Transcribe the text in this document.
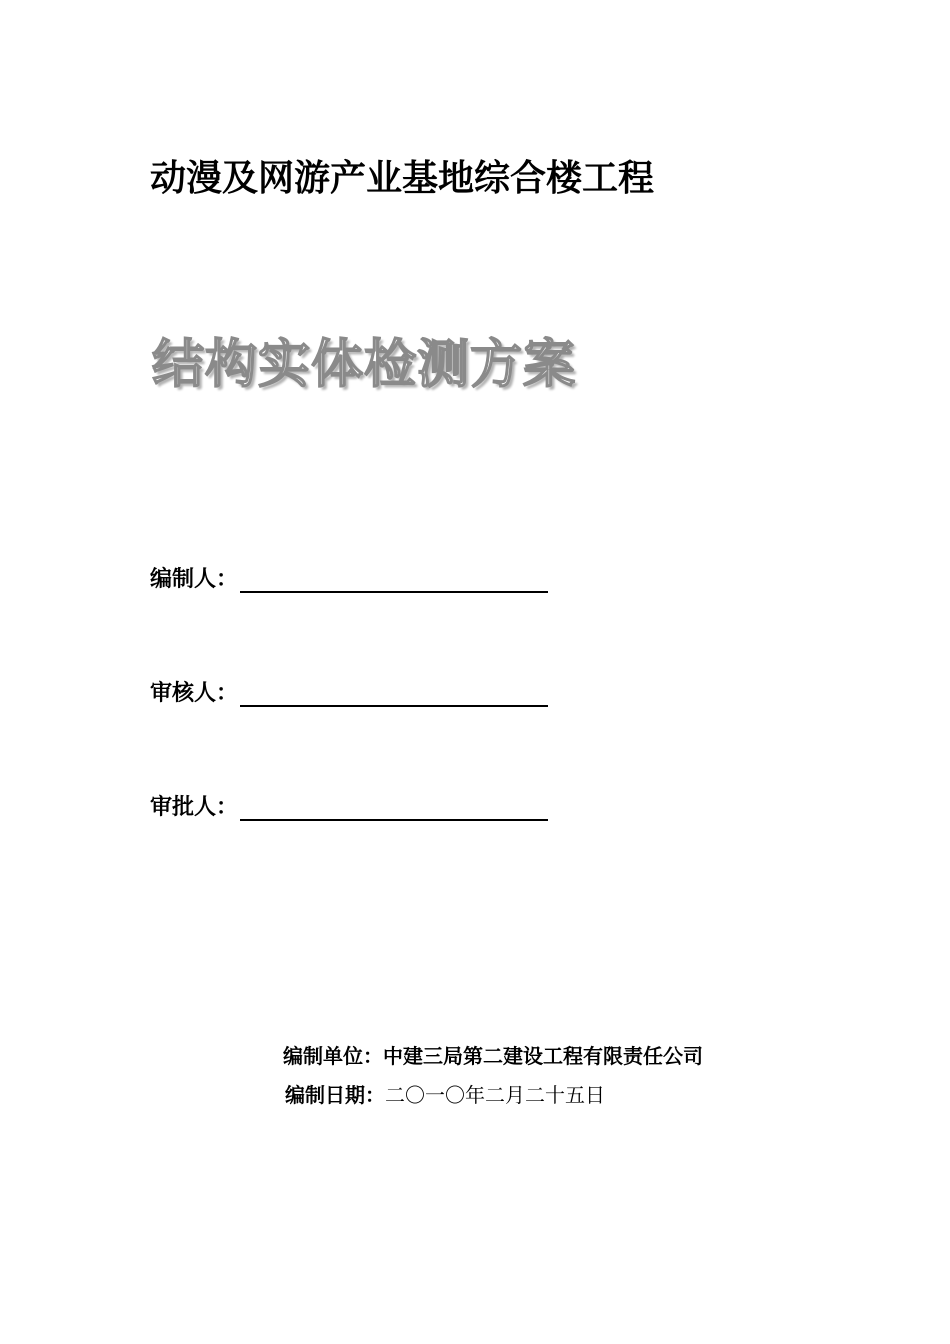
动漫及网游产业基地综合楼工程
结构实体检测方案
编制人：
审核人：
审批人：
编制单位：中建三局第二建设工程有限责任公司
编制日期：二〇一〇年二月二十五日
